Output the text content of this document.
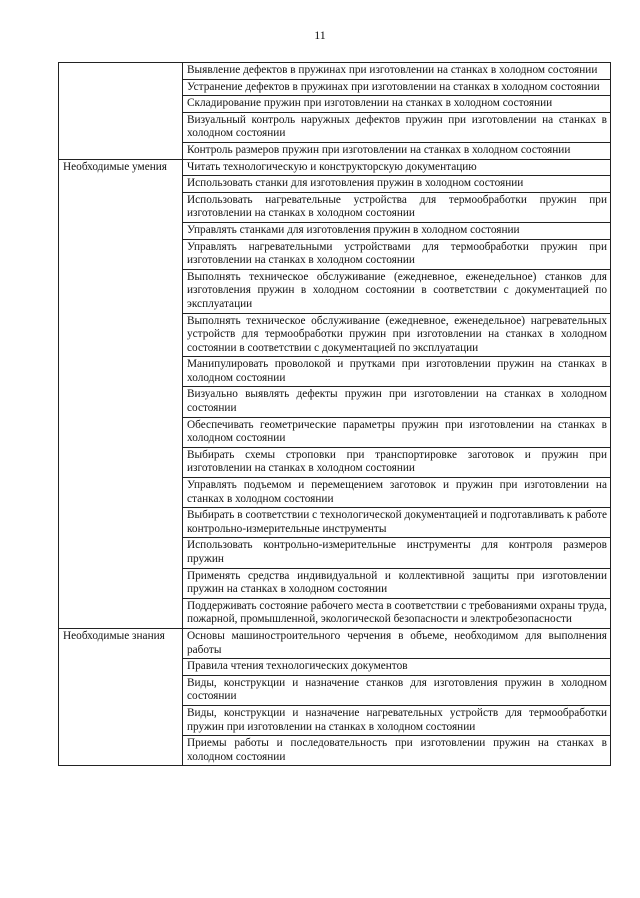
11
	Выявление дефектов в пружинах при изготовлении на станках в холодном состоянии
	Устранение дефектов в пружинах при изготовлении на станках в холодном состоянии
	Складирование пружин при изготовлении на станках в холодном состоянии
	Визуальный контроль наружных дефектов пружин при изготовлении на станках в холодном состоянии
	Контроль размеров пружин при изготовлении на станках в холодном состоянии
Необходимые умения	Читать технологическую и конструкторскую документацию
	Использовать станки для изготовления пружин в холодном состоянии
	Использовать нагревательные устройства для термообработки пружин при изготовлении на станках в холодном состоянии
	Управлять станками для изготовления пружин в холодном состоянии
	Управлять нагревательными устройствами для термообработки пружин при изготовлении на станках в холодном состоянии
	Выполнять техническое обслуживание (ежедневное, еженедельное) станков для изготовления пружин в холодном состоянии в соответствии с документацией по эксплуатации
	Выполнять техническое обслуживание (ежедневное, еженедельное) нагревательных устройств для термообработки пружин при изготовлении на станках в холодном состоянии в соответствии с документацией по эксплуатации
	Манипулировать проволокой и прутками при изготовлении пружин на станках в холодном состоянии
	Визуально выявлять дефекты пружин при изготовлении на станках в холодном состоянии
	Обеспечивать геометрические параметры пружин при изготовлении на станках в холодном состоянии
	Выбирать схемы строповки при транспортировке заготовок и пружин при изготовлении на станках в холодном состоянии
	Управлять подъемом и перемещением заготовок и пружин при изготовлении на станках в холодном состоянии
	Выбирать в соответствии с технологической документацией и подготавливать к работе контрольно-измерительные инструменты
	Использовать контрольно-измерительные инструменты для контроля размеров пружин
	Применять средства индивидуальной и коллективной защиты при изготовлении пружин на станках в холодном состоянии
	Поддерживать состояние рабочего места в соответствии с требованиями охраны труда, пожарной, промышленной, экологической безопасности и электробезопасности
Необходимые знания	Основы машиностроительного черчения в объеме, необходимом для выполнения работы
	Правила чтения технологических документов
	Виды, конструкции и назначение станков для изготовления пружин в холодном состоянии
	Виды, конструкции и назначение нагревательных устройств для термообработки пружин при изготовлении на станках в холодном состоянии
	Приемы работы и последовательность при изготовлении пружин на станках в холодном состоянии
